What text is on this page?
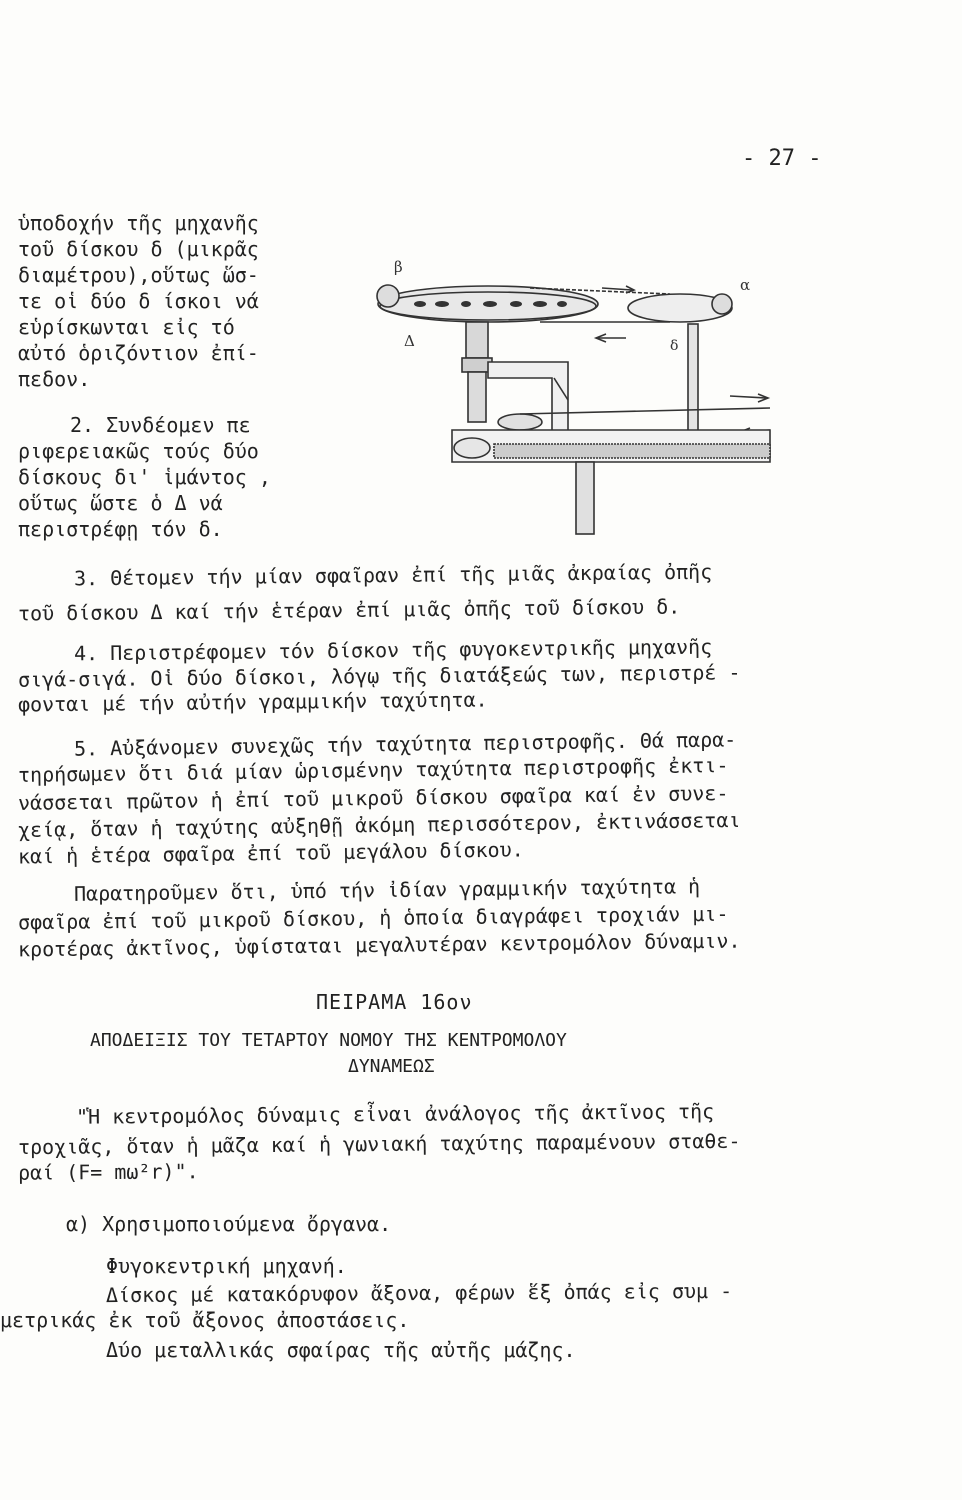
- 27 -

ὑποδοχήν τῆς μηχανῆς

τοῦ δίσκου δ (μικρᾶς

διαμέτρου),οὕτως ὥσ-

τε οἱ δύο δ ίσκοι νά

εὑρίσκωνται εἰς τό

αὐτό ὁριζόντιον ἐπί-

πεδον.

2. Συνδέομεν πε

ριφερειακῶς τούς δύο

δίσκους δι' ἱμάντος ,

οὕτως ὥστε ὁ Δ νά

περιστρέφῃ τόν δ.

β
α
Δ	δ
3. Θέτομεν τήν μίαν σφαῖραν ἐπί τῆς μιᾶς ἀκραίας ὀπῆς
τοῦ δίσκου Δ καί τήν ἑτέραν ἐπί μιᾶς ὀπῆς τοῦ δίσκου δ.
4. Περιστρέφομεν τόν δίσκον τῆς φυγοκεντρικῆς μηχανῆς
σιγά-σιγά. Οἱ δύο δίσκοι, λόγῳ τῆς διατάξεώς των, περιστρέ -
φονται μέ τήν αὐτήν γραμμικήν ταχύτητα.
5. Αὐξάνομεν συνεχῶς τήν ταχύτητα περιστροφῆς. Θά παρα-
τηρήσωμεν ὅτι διά μίαν ὡρισμένην ταχύτητα περιστροφῆς ἐκτι-
νάσσεται πρῶτον ἡ ἐπί τοῦ μικροῦ δίσκου σφαῖρα καί ἐν συνε-
χείᾳ, ὅταν ἡ ταχύτης αὐξηθῇ ἀκόμη περισσότερον, ἐκτινάσσεται
καί ἡ ἑτέρα σφαῖρα ἐπί τοῦ μεγάλου δίσκου.
Παρατηροῦμεν ὅτι, ὑπό τήν ἰδίαν γραμμικήν ταχύτητα ἡ
σφαῖρα ἐπί τοῦ μικροῦ δίσκου, ἡ ὁποία διαγράφει τροχιάν μι-
κροτέρας ἀκτῖνος, ὑφίσταται μεγαλυτέραν κεντρομόλον δύναμιν.
ΠΕΙΡΑΜΑ 16ον
ΑΠΟΔΕΙΞΙΣ ΤΟΥ ΤΕΤΑΡΤΟΥ ΝΟΜΟΥ ΤΗΣ ΚΕΝΤΡΟΜΟΛΟΥ
ΔΥΝΑΜΕΩΣ
"Ἡ κεντρομόλος δύναμις εἶναι ἀνάλογος τῆς ἀκτῖνος τῆς
τροχιᾶς, ὅταν ἡ μᾶζα καί ἡ γωνιακή ταχύτης παραμένουν σταθε-
ραί (F= mω²r)".
α) Χρησιμοποιούμενα ὄργανα.
Φυγοκεντρική μηχανή.
Δίσκος μέ κατακόρυφον ἄξονα, φέρων ἕξ ὀπάς εἰς συμ -
μετρικάς ἐκ τοῦ ἄξονος ἀποστάσεις.
Δύο μεταλλικάς σφαίρας τῆς αὐτῆς μάζης.
